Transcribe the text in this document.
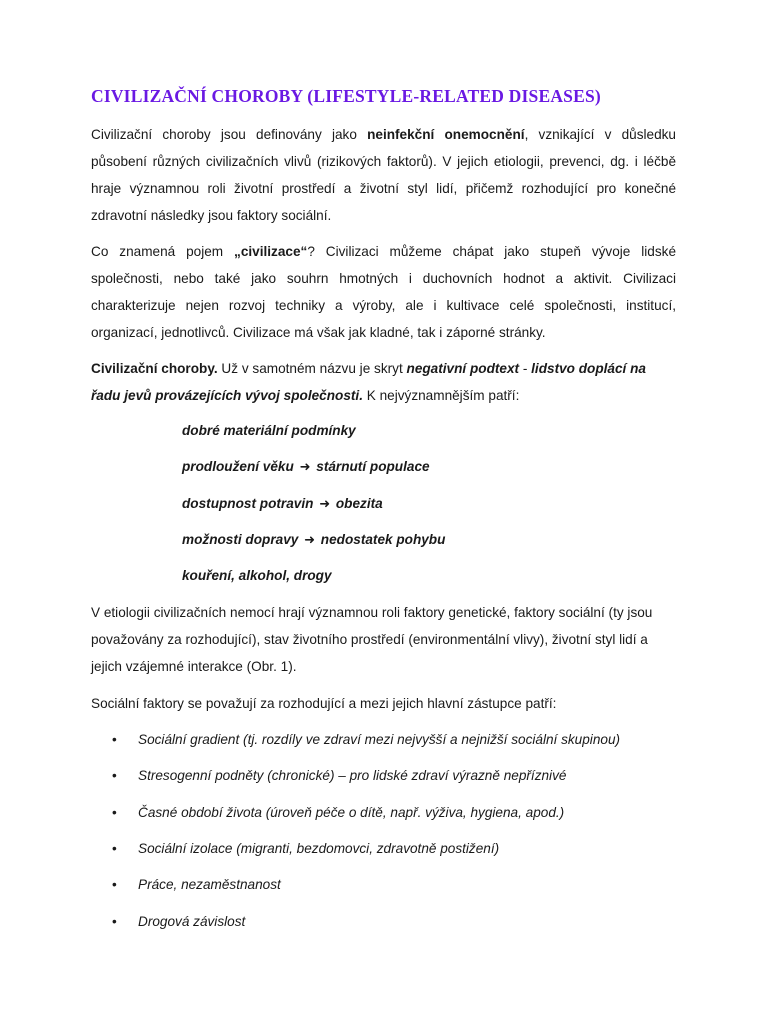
CIVILIZAČNÍ CHOROBY (LIFESTYLE-RELATED DISEASES)
Civilizační choroby jsou definovány jako neinfekční onemocnění, vznikající v důsledku působení různých civilizačních vlivů (rizikových faktorů). V jejich etiologii, prevenci, dg. i léčbě hraje významnou roli životní prostředí a životní styl lidí, přičemž rozhodující pro konečné zdravotní následky jsou faktory sociální.
Co znamená pojem „civilizace“? Civilizaci můžeme chápat jako stupeň vývoje lidské společnosti, nebo také jako souhrn hmotných i duchovních hodnot a aktivit. Civilizaci charakterizuje nejen rozvoj techniky a výroby, ale i kultivace celé společnosti, institucí, organizací, jednotlivců. Civilizace má však jak kladné, tak i záporné stránky.
Civilizační choroby. Už v samotném názvu je skryt negativní podtext - lidstvo doplácí na řadu jevů provázejících vývoj společnosti. K nejvýznamnějším patří:
dobré materiální podmínky
prodloužení věku ➜ stárnutí populace
dostupnost potravin ➜ obezita
možnosti dopravy ➜ nedostatek pohybu
kouření, alkohol, drogy
V etiologii civilizačních nemocí hrají významnou roli faktory genetické, faktory sociální (ty jsou považovány za rozhodující), stav životního prostředí (environmentální vlivy), životní styl lidí a jejich vzájemné interakce (Obr. 1).
Sociální faktory se považují za rozhodující a mezi jejich hlavní zástupce patří:
• Sociální gradient (tj. rozdíly ve zdraví mezi nejvyšší a nejnižší sociální skupinou)
• Stresogenní podněty (chronické) – pro lidské zdraví výrazně nepříznivé
• Časné období života (úroveň péče o dítě, např. výživa, hygiena, apod.)
• Sociální izolace (migranti, bezdomovci, zdravotně postižení)
• Práce, nezaměstnanost
• Drogová závislost
